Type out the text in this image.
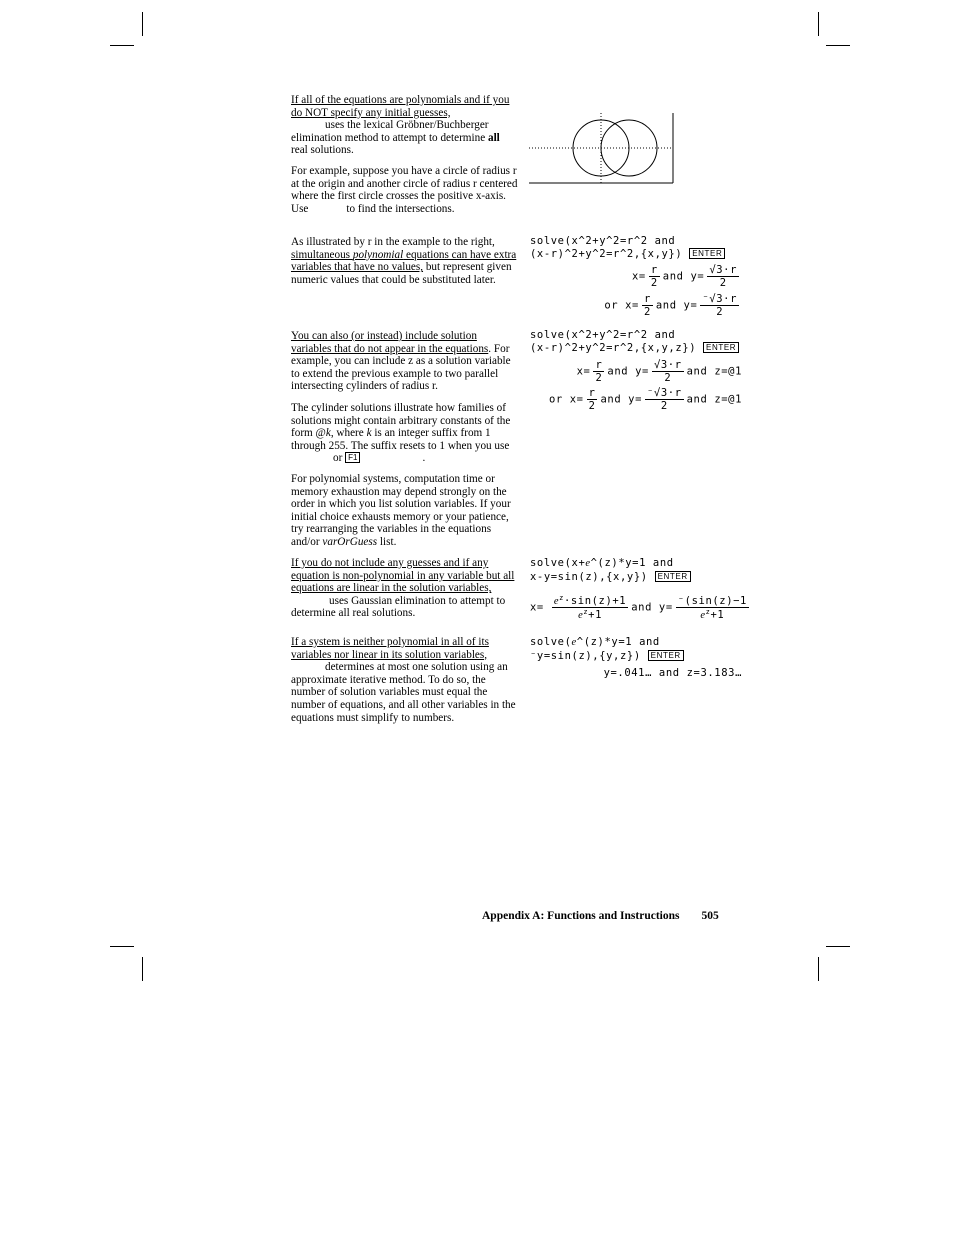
If all of the equations are polynomials and if you do NOT specify any initial guesses,
uses the lexical Gröbner/Buchberger elimination method to attempt to determine all real solutions.

For example, suppose you have a circle of radius r at the origin and another circle of radius r centered where the first circle crosses the positive x-axis. Use	to find the intersections.

As illustrated by r in the example to the right, simultaneous polynomial equations can have extra variables that have no values, but represent given numeric values that could be substituted later.

You can also (or instead) include solution variables that do not appear in the equations. For example, you can include z as a solution variable to extend the previous example to two parallel intersecting cylinders of radius r.

The cylinder solutions illustrate how families of solutions might contain arbitrary constants of the form @k, where k is an integer suffix from 1 through 255. The suffix resets to 1 when you useor F1	.

For polynomial systems, computation time or memory exhaustion may depend strongly on the order in which you list solution variables. If your initial choice exhausts memory or your patience, try rearranging the variables in the equations and/or varOrGuess list.

If you do not include any guesses and if any equation is non-polynomial in any variable but all equations are linear in the solution variables,uses Gaussian elimination to attempt to determine all real solutions.

If a system is neither polynomial in all of its variables nor linear in its solution variables,
determines at most one solution using an approximate iterative method. To do so, the number of solution variables must equal the number of equations, and all other variables in the equations must simplify to numbers.

solve(x^2+y^2=r^2 and
(x-r)^2+y^2=r^2,{x,y}) ENTER
$x= \frac{r}{2}$ and $y= \frac{√3\cdot r}{2}$
or $x= \frac{r}{2}$ and $y= \frac{^-√3\cdot r}{2}$
solve(x^2+y^2=r^2 and
(x-r)^2+y^2=r^2,{x,y,z}) ENTER
$x= \frac{r}{2}$ and $y= \frac{√3\cdot r}{2}$ and z=@1
or $x= \frac{r}{2}$ and $y= \frac{^-√3\cdot r}{2}$ and z=@1
solve(x+e^(z)*y=1 and
x-y=sin(z),{x,y}) ENTER
$x= \frac{e^z\cdot\sin(z)+1}{e^z+1}$ and $y= \frac{^-(\sin(z)-1}{e^z+1}$
solve(e^(z)*y=1 and
⁻y=sin(z),{y,z}) ENTER
y=.041… and z=3.183…
Appendix A: Functions and Instructions 505
